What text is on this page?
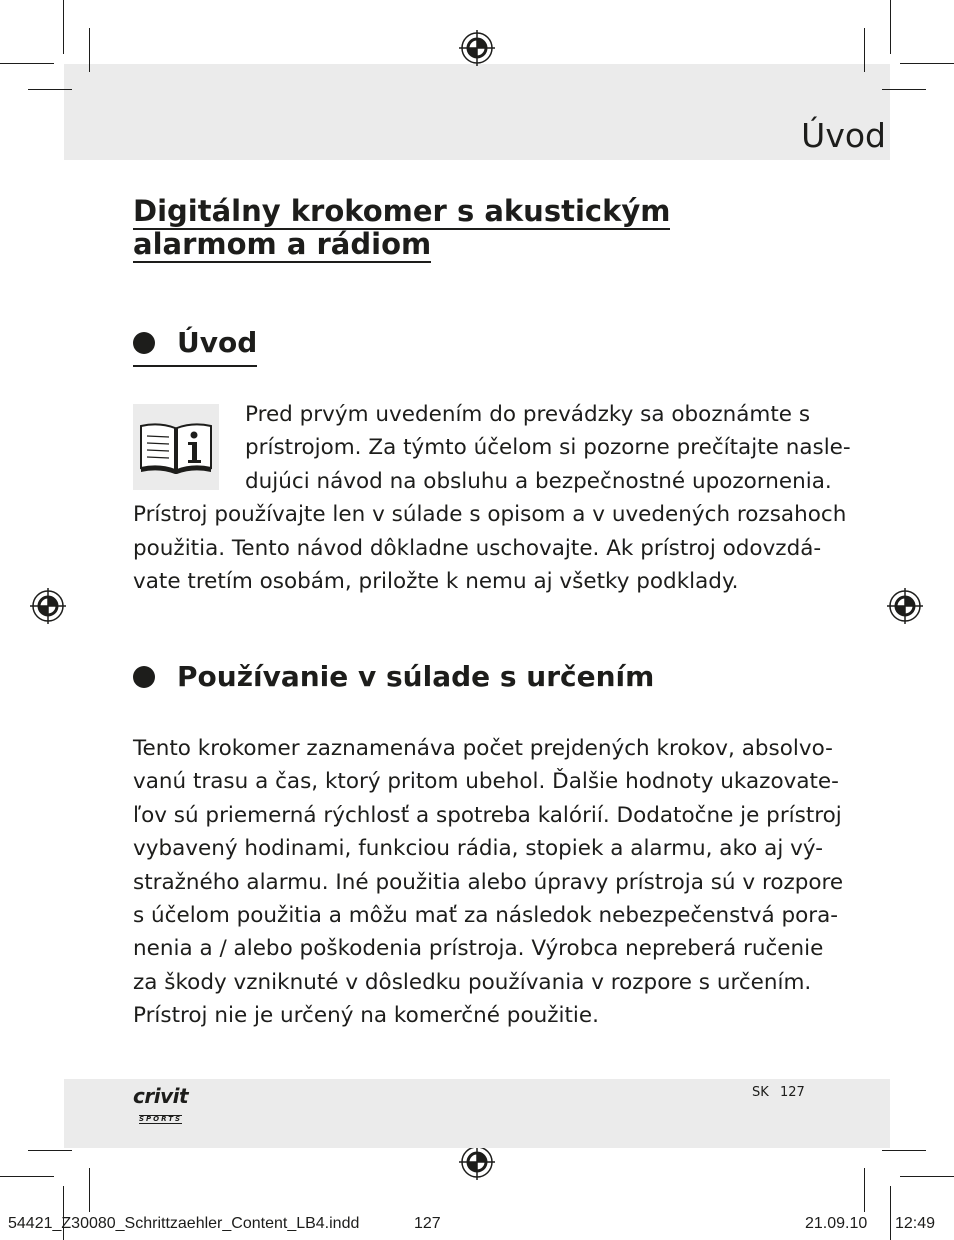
Úvod
Digitálny krokomer s akustickým
alarmom a rádiom
Úvod
Pred prvým uvedením do prevádzky sa oboznámte s
prístrojom. Za týmto účelom si pozorne prečítajte nasle-
dujúci návod na obsluhu a bezpečnostné upozornenia.
Prístroj používajte len v súlade s opisom a v uvedených rozsahoch
použitia. Tento návod dôkladne uschovajte. Ak prístroj odovzdá-
vate tretím osobám, priložte k nemu aj všetky podklady.
Používanie v súlade s určením
Tento krokomer zaznamenáva počet prejdených krokov, absolvo-
vanú trasu a čas, ktorý pritom ubehol. Ďalšie hodnoty ukazovate-
ľov sú priemerná rýchlosť a spotreba kalórií. Dodatočne je prístroj
vybavený hodinami, funkciou rádia, stopiek a alarmu, ako aj vý-
stražného alarmu. Iné použitia alebo úpravy prístroja sú v rozpore
s účelom použitia a môžu mať za následok nebezpečenstvá pora-
nenia a / alebo poškodenia prístroja. Výrobca nepreberá ručenie
za škody vzniknuté v dôsledku používania v rozpore s určením.
Prístroj nie je určený na komerčné použitie.
crivit
SPORTS
SK 127
54421_Z30080_Schrittzaehler_Content_LB4.indd	127	21.09.10 12:49
